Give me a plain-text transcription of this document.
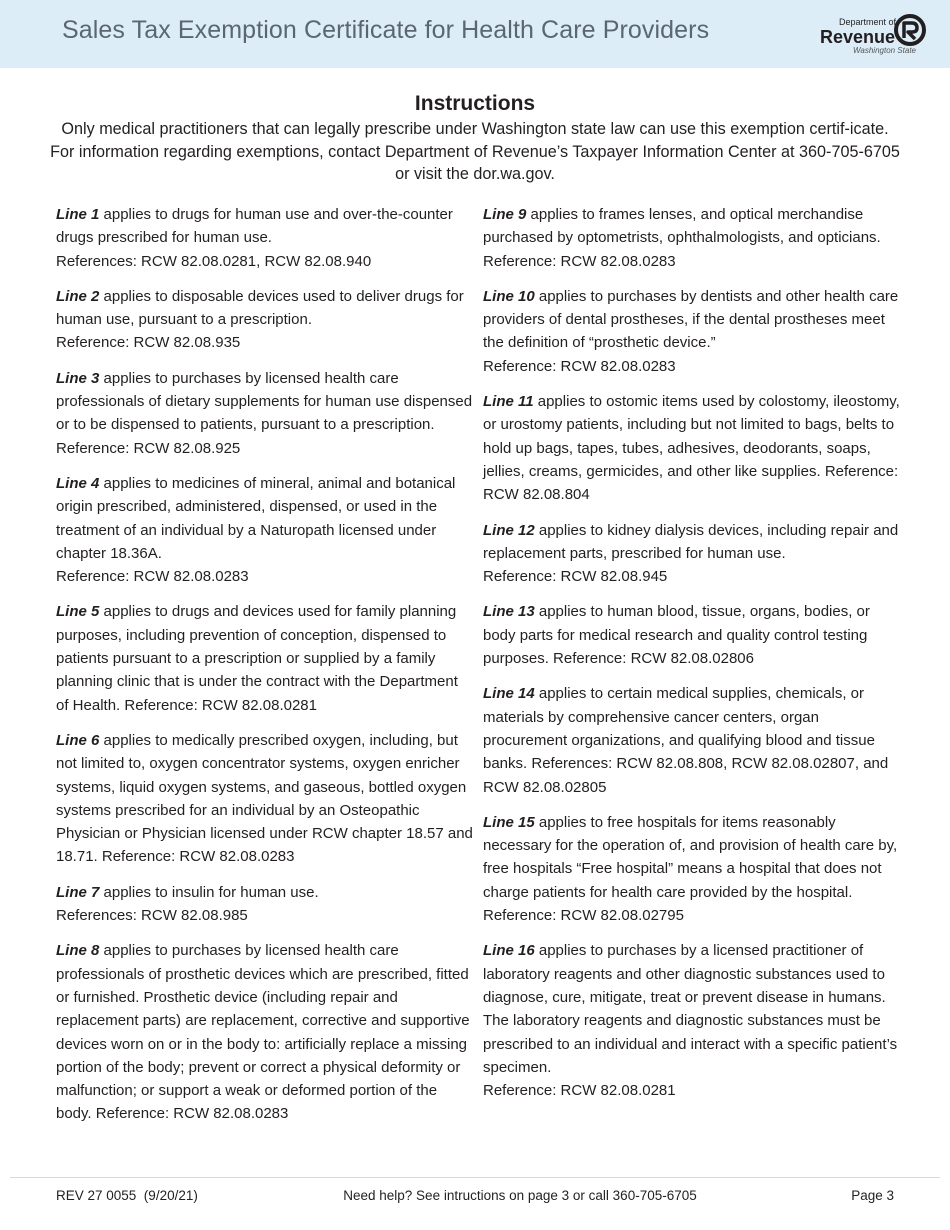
Sales Tax Exemption Certificate for Health Care Providers	Department of
Revenue
Washington State
Instructions
Only medical practitioners that can legally prescribe under Washington state law can use this exemption certif-icate. For information regarding exemptions, contact Department of Revenue’s Taxpayer Information Center at 360-705-6705 or visit the dor.wa.gov.
Line 1 applies to drugs for human use and over-the-counter drugs prescribed for human use.
References: RCW 82.08.0281, RCW 82.08.940
Line 2 applies to disposable devices used to deliver drugs for human use, pursuant to a prescription.
Reference: RCW 82.08.935
Line 3 applies to purchases by licensed health care professionals of dietary supplements for human use dispensed or to be dispensed to patients, pursuant to a prescription. Reference: RCW 82.08.925
Line 4 applies to medicines of mineral, animal and botanical origin prescribed, administered, dispensed, or used in the treatment of an individual by a Naturopath licensed under chapter 18.36A.
Reference: RCW 82.08.0283
Line 5 applies to drugs and devices used for family planning purposes, including prevention of conception, dispensed to patients pursuant to a prescription or supplied by a family planning clinic that is under the contract with the Department of Health. Reference: RCW 82.08.0281
Line 6 applies to medically prescribed oxygen, including, but not limited to, oxygen concentrator systems, oxygen enricher systems, liquid oxygen systems, and gaseous, bottled oxygen systems prescribed for an individual by an Osteopathic Physician or Physician licensed under RCW chapter 18.57 and 18.71. Reference: RCW 82.08.0283
Line 7 applies to insulin for human use.
References: RCW 82.08.985
Line 8 applies to purchases by licensed health care professionals of prosthetic devices which are prescribed, fitted or furnished. Prosthetic device (including repair and replacement parts) are replacement, corrective and supportive devices worn on or in the body to: artificially replace a missing portion of the body; prevent or correct a physical deformity or malfunction; or support a weak or deformed portion of the body. Reference: RCW 82.08.0283
Line 9 applies to frames lenses, and optical merchandise purchased by optometrists, ophthalmologists, and opticians. Reference: RCW 82.08.0283
Line 10 applies to purchases by dentists and other health care providers of dental prostheses, if the dental prostheses meet the definition of “prosthetic device.”
Reference: RCW 82.08.0283
Line 11 applies to ostomic items used by colostomy, ileostomy, or urostomy patients, including but not limited to bags, belts to hold up bags, tapes, tubes, adhesives, deodorants, soaps, jellies, creams, germicides, and other like supplies. Reference: RCW 82.08.804
Line 12 applies to kidney dialysis devices, including repair and replacement parts, prescribed for human use.
Reference: RCW 82.08.945
Line 13 applies to human blood, tissue, organs, bodies, or body parts for medical research and quality control testing purposes. Reference: RCW 82.08.02806
Line 14 applies to certain medical supplies, chemicals, or materials by comprehensive cancer centers, organ procurement organizations, and qualifying blood and tissue banks. References: RCW 82.08.808, RCW 82.08.02807, and RCW 82.08.02805
Line 15 applies to free hospitals for items reasonably necessary for the operation of, and provision of health care by, free hospitals “Free hospital” means a hospital that does not charge patients for health care provided by the hospital. Reference: RCW 82.08.02795
Line 16 applies to purchases by a licensed practitioner of laboratory reagents and other diagnostic substances used to diagnose, cure, mitigate, treat or prevent disease in humans. The laboratory reagents and diagnostic substances must be prescribed to an individual and interact with a specific patient’s specimen.
Reference: RCW 82.08.0281
REV 27 0055  (9/20/21)	Need help? See intructions on page 3 or call 360-705-6705	Page 3
